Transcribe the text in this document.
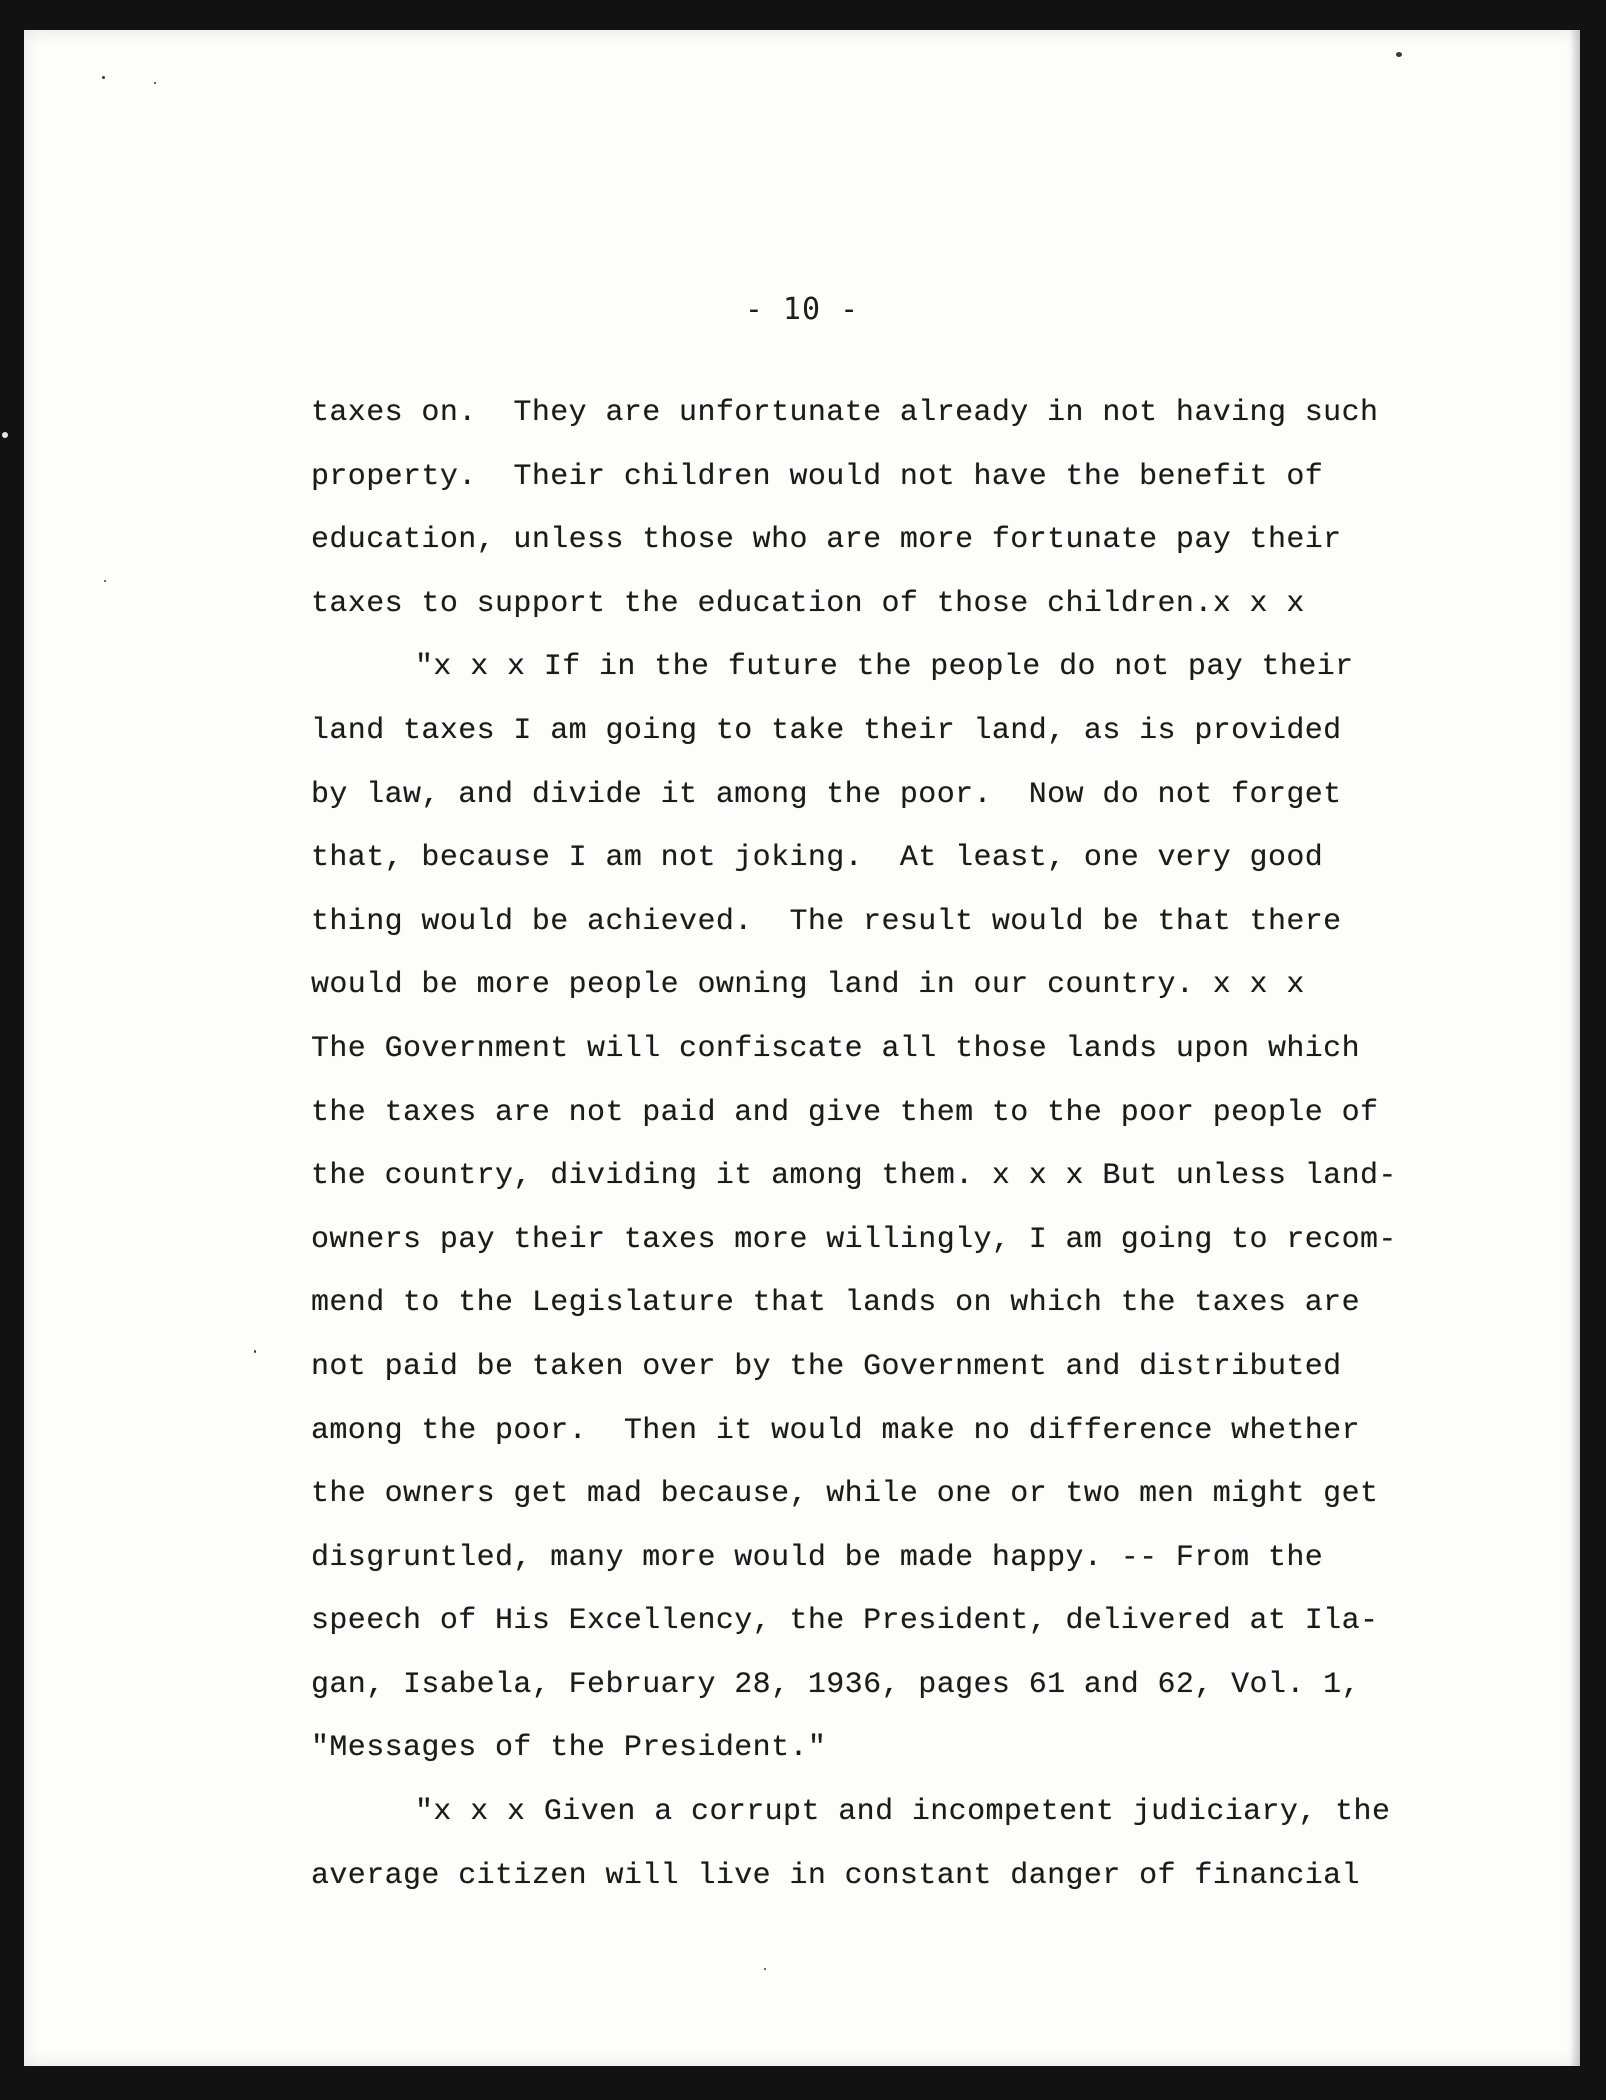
- 10 -
taxes on.  They are unfortunate already in not having such
property.  Their children would not have the benefit of
education, unless those who are more fortunate pay their
taxes to support the education of those children.x x x
"x x x If in the future the people do not pay their
land taxes I am going to take their land, as is provided
by law, and divide it among the poor.  Now do not forget
that, because I am not joking.  At least, one very good
thing would be achieved.  The result would be that there
would be more people owning land in our country. x x x
The Government will confiscate all those lands upon which
the taxes are not paid and give them to the poor people of
the country, dividing it among them. x x x But unless land-
owners pay their taxes more willingly, I am going to recom-
mend to the Legislature that lands on which the taxes are
not paid be taken over by the Government and distributed
among the poor.  Then it would make no difference whether
the owners get mad because, while one or two men might get
disgruntled, many more would be made happy. -- From the
speech of His Excellency, the President, delivered at Ila-
gan, Isabela, February 28, 1936, pages 61 and 62, Vol. 1,
"Messages of the President."
"x x x Given a corrupt and incompetent judiciary, the
average citizen will live in constant danger of financial
